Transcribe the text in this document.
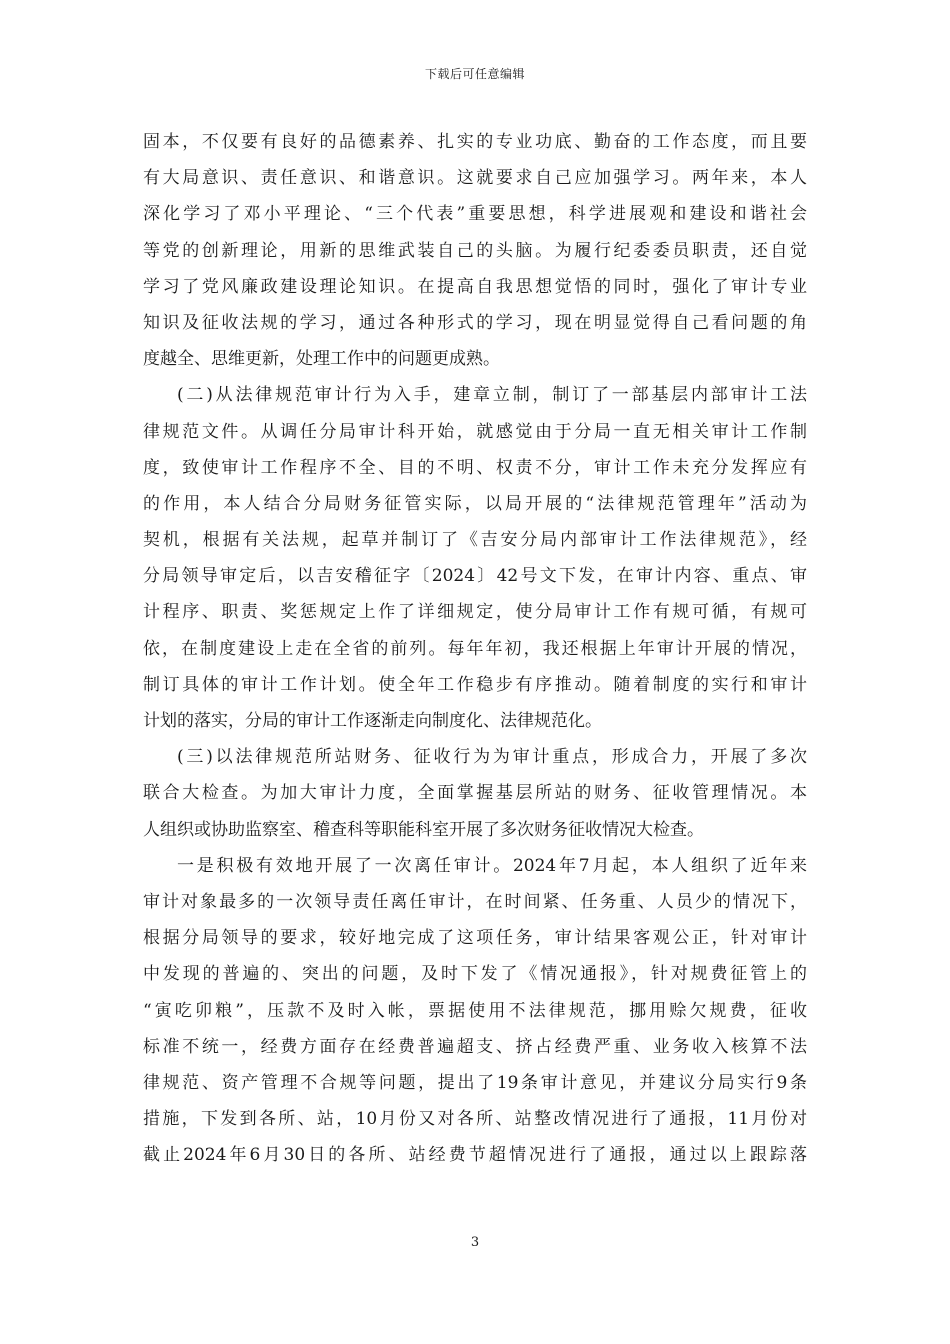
下载后可任意编辑
固本，不仅要有良好的品德素养、扎实的专业功底、勤奋的工作态度，而且要
有大局意识、责任意识、和谐意识。这就要求自己应加强学习。两年来，本人
深化学习了邓小平理论、“三个代表”重要思想，科学进展观和建设和谐社会
等党的创新理论，用新的思维武装自己的头脑。为履行纪委委员职责，还自觉
学习了党风廉政建设理论知识。在提高自我思想觉悟的同时，强化了审计专业
知识及征收法规的学习，通过各种形式的学习，现在明显觉得自己看问题的角
度越全、思维更新，处理工作中的问题更成熟。
(二)从法律规范审计行为入手，建章立制，制订了一部基层内部审计工法
律规范文件。从调任分局审计科开始，就感觉由于分局一直无相关审计工作制
度，致使审计工作程序不全、目的不明、权责不分，审计工作未充分发挥应有
的作用，本人结合分局财务征管实际，以局开展的“法律规范管理年”活动为
契机，根据有关法规，起草并制订了《吉安分局内部审计工作法律规范》，经
分局领导审定后，以吉安稽征字〔2024〕42号文下发，在审计内容、重点、审
计程序、职责、奖惩规定上作了详细规定，使分局审计工作有规可循，有规可
依，在制度建设上走在全省的前列。每年年初，我还根据上年审计开展的情况，
制订具体的审计工作计划。使全年工作稳步有序推动。随着制度的实行和审计
计划的落实，分局的审计工作逐渐走向制度化、法律规范化。
(三)以法律规范所站财务、征收行为为审计重点，形成合力，开展了多次
联合大检查。为加大审计力度，全面掌握基层所站的财务、征收管理情况。本
人组织或协助监察室、稽查科等职能科室开展了多次财务征收情况大检查。
一是积极有效地开展了一次离任审计。2024年7月起，本人组织了近年来
审计对象最多的一次领导责任离任审计，在时间紧、任务重、人员少的情况下，
根据分局领导的要求，较好地完成了这项任务，审计结果客观公正，针对审计
中发现的普遍的、突出的问题，及时下发了《情况通报》，针对规费征管上的
“寅吃卯粮”，压款不及时入帐，票据使用不法律规范，挪用赊欠规费，征收
标准不统一，经费方面存在经费普遍超支、挤占经费严重、业务收入核算不法
律规范、资产管理不合规等问题，提出了19条审计意见，并建议分局实行9条
措施，下发到各所、站，10月份又对各所、站整改情况进行了通报，11月份对
截止2024年6月30日的各所、站经费节超情况进行了通报，通过以上跟踪落
3
